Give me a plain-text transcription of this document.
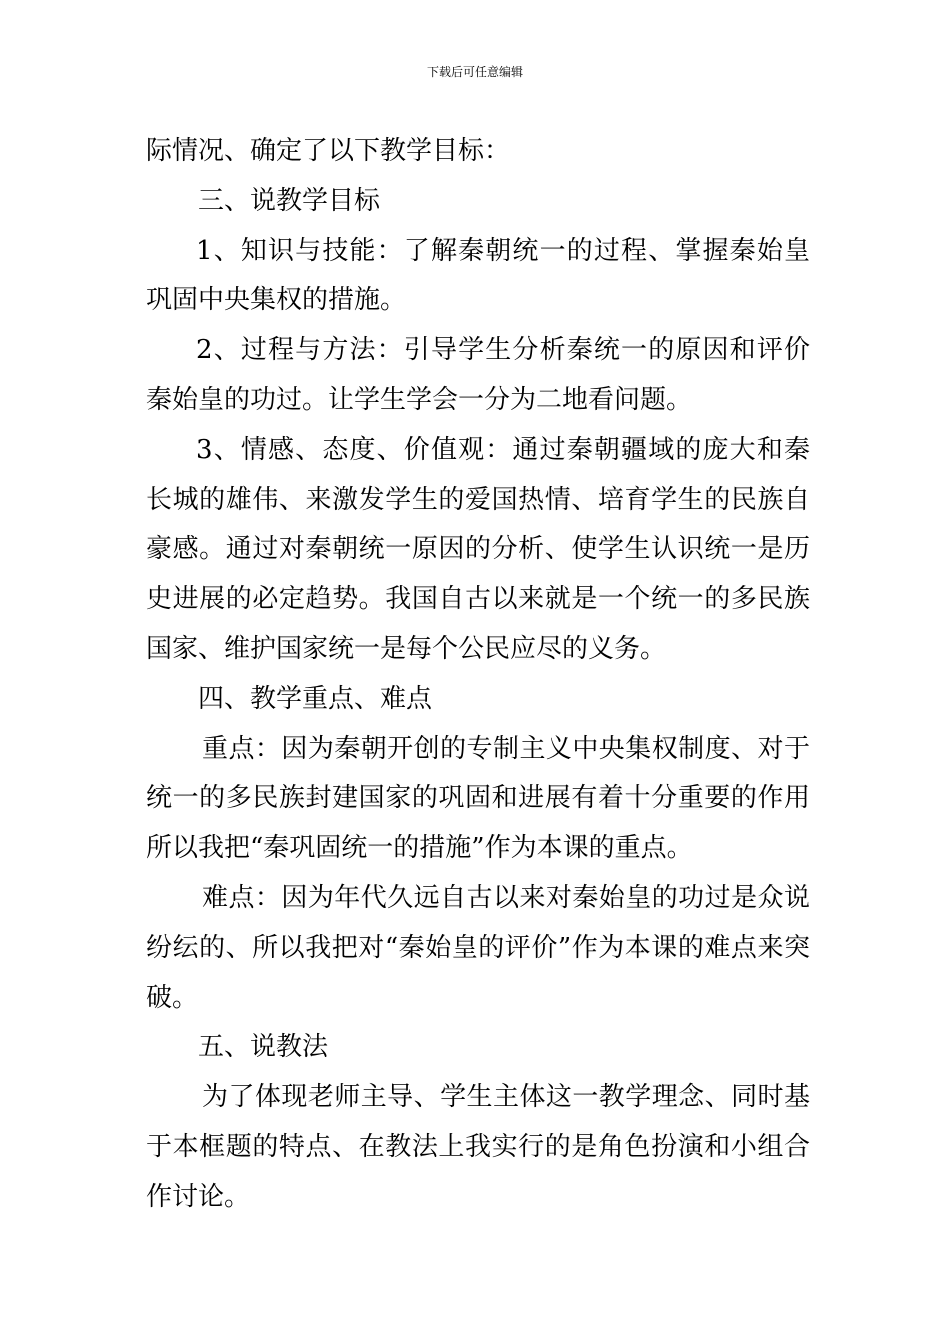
下载后可任意编辑

际情况、确定了以下教学目标：

三、说教学目标

1、知识与技能：了解秦朝统一的过程、掌握秦始皇巩固中央集权的措施。

2、过程与方法：引导学生分析秦统一的原因和评价秦始皇的功过。让学生学会一分为二地看问题。

3、情感、态度、价值观：通过秦朝疆域的庞大和秦长城的雄伟、来激发学生的爱国热情、培育学生的民族自豪感。通过对秦朝统一原因的分析、使学生认识统一是历史进展的必定趋势。我国自古以来就是一个统一的多民族国家、维护国家统一是每个公民应尽的义务。

四、教学重点、难点

重点：因为秦朝开创的专制主义中央集权制度、对于统一的多民族封建国家的巩固和进展有着十分重要的作用所以我把“秦巩固统一的措施”作为本课的重点。

难点：因为年代久远自古以来对秦始皇的功过是众说纷纭的、所以我把对“秦始皇的评价”作为本课的难点来突破。

五、说教法

为了体现老师主导、学生主体这一教学理念、同时基于本框题的特点、在教法上我实行的是角色扮演和小组合作讨论。
